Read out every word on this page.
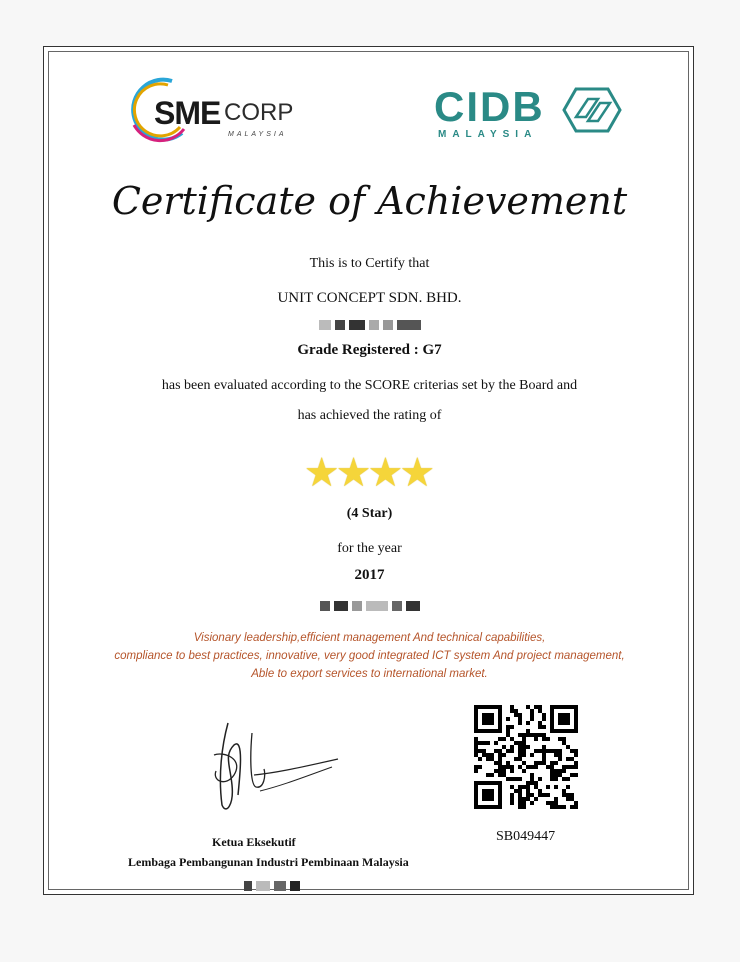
SME CORP
MALAYSIA
CIDB
MALAYSIA
Certificate of Achievement
This is to Certify that
UNIT CONCEPT SDN. BHD.

Grade Registered : G7
has been evaluated according to the SCORE criterias set by the Board and
has achieved the rating of
★★★★
(4 Star)
for the year
2017

Visionary leadership,efficient management And technical capabilities,
compliance to best practices, innovative, very good integrated ICT system And project management,
Able to export services to international market.
Ketua Eksekutif
Lembaga Pembangunan Industri Pembinaan Malaysia

SB049447
